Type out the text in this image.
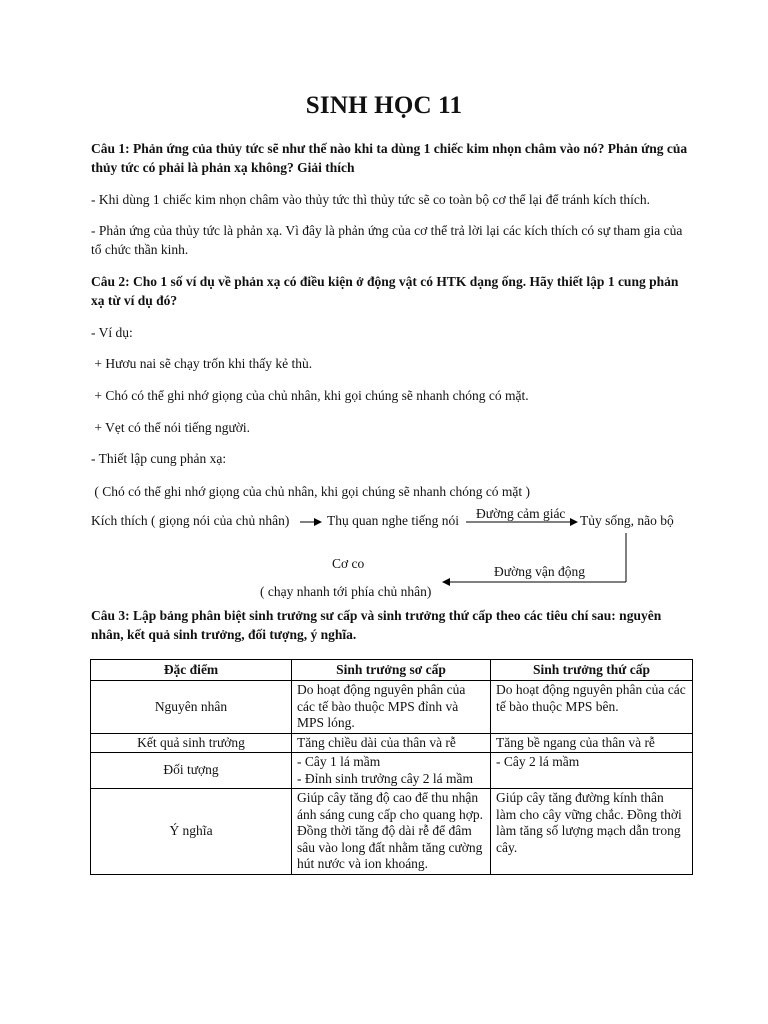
SINH HỌC 11
Câu 1: Phản ứng của thủy tức sẽ như thế nào khi ta dùng 1 chiếc kim nhọn châm vào nó? Phản ứng của thủy tức có phải là phản xạ không? Giải thích
- Khi dùng 1 chiếc kim nhọn châm vào thủy tức thì thủy tức sẽ co toàn bộ cơ thể lại để tránh kích thích.
- Phản ứng của thủy tức là phản xạ. Vì đây là phản ứng của cơ thể trả lời lại các kích thích có sự tham gia của tổ chức thần kinh.
Câu 2: Cho 1 số ví dụ về phản xạ có điều kiện ở động vật có HTK dạng ống. Hãy thiết lập 1 cung phản xạ từ ví dụ đó?
- Ví dụ:
+ Hươu nai sẽ chạy trốn khi thấy kẻ thù.
+ Chó có thể ghi nhớ giọng của chủ nhân, khi gọi chúng sẽ nhanh chóng có mặt.
+ Vẹt có thể nói tiếng người.
- Thiết lập cung phản xạ:
( Chó có thể ghi nhớ giọng của chủ nhân, khi gọi chúng sẽ nhanh chóng có mặt )
Kích thích ( giọng nói của chủ nhân)	Thụ quan nghe tiếng nói Đường cảm giác Tủy sống, não bộ
Đường vận động
Cơ co
( chạy nhanh tới phía chủ nhân)
Câu 3: Lập bảng phân biệt sinh trưởng sư cấp và sinh trưởng thứ cấp theo các tiêu chí sau: nguyên nhân, kết quả sinh trưởng, đối tượng, ý nghĩa.
Đặc điểm	Sinh trưởng sơ cấp	Sinh trưởng thứ cấp
Nguyên nhân	Do hoạt động nguyên phân của các tế bào thuộc MPS đỉnh và MPS lóng.	Do hoạt động nguyên phân của các tế bào thuộc MPS bên.
Kết quả sinh trưởng	Tăng chiều dài của thân và rễ	Tăng bề ngang của thân và rễ
Đối tượng	- Cây 1 lá mầm
- Đỉnh sinh trưởng cây 2 lá mầm	- Cây 2 lá mầm
Ý nghĩa	Giúp cây tăng độ cao để thu nhận ánh sáng cung cấp cho quang hợp. Đồng thời tăng độ dài rễ để đâm sâu vào long đất nhằm tăng cường hút nước và ion khoáng.	Giúp cây tăng đường kính thân làm cho cây vững chắc. Đồng thời làm tăng số lượng mạch dẫn trong cây.
